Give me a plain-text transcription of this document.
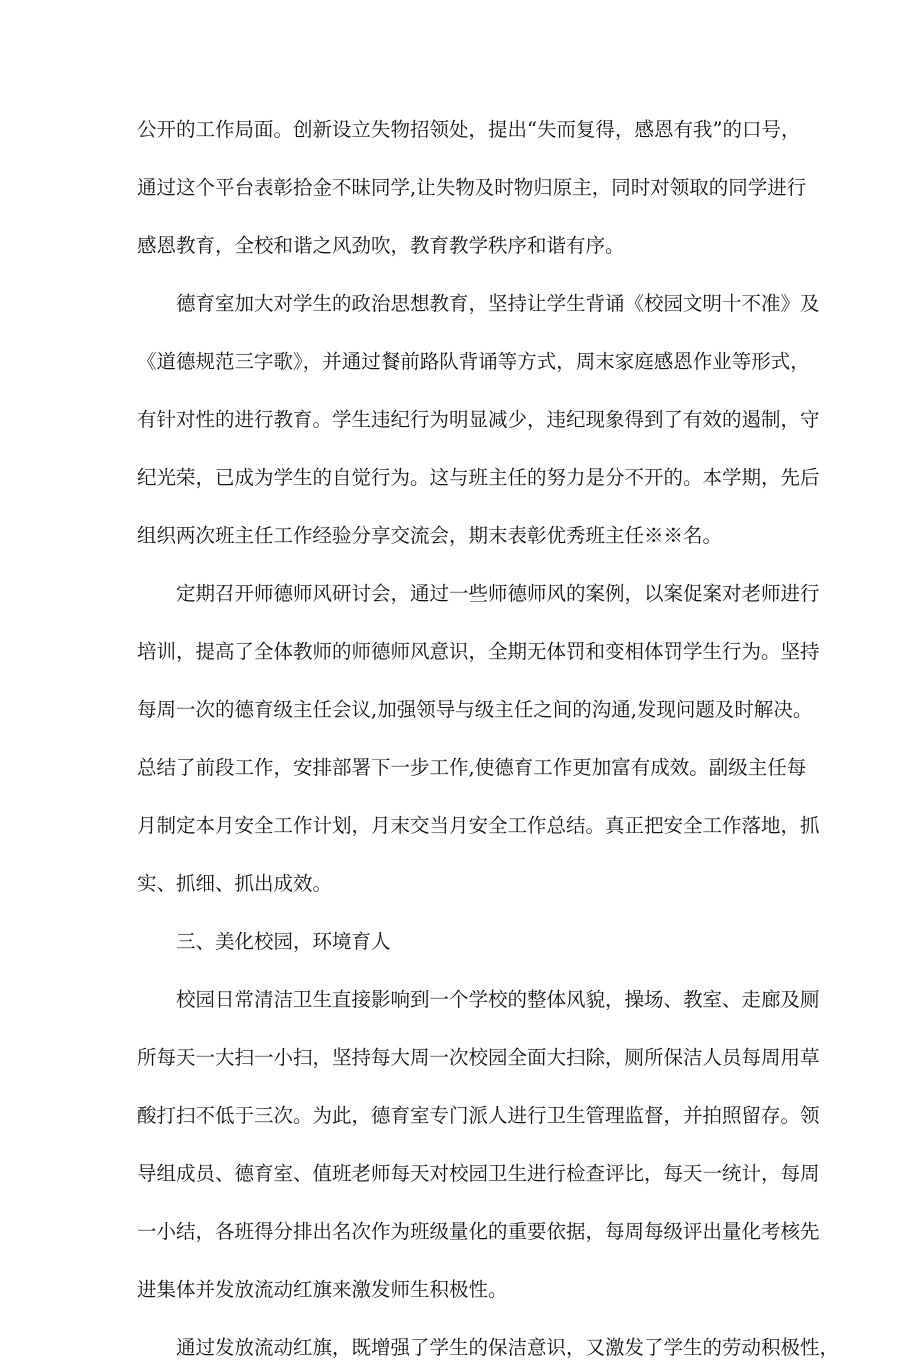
公开的工作局面。创新设立失物招领处，提出“失而复得，感恩有我”的口号，
通过这个平台表彰拾金不昧同学,让失物及时物归原主，同时对领取的同学进行
感恩教育，全校和谐之风劲吹，教育教学秩序和谐有序。
德育室加大对学生的政治思想教育，坚持让学生背诵《校园文明十不准》及
《道德规范三字歌》，并通过餐前路队背诵等方式，周末家庭感恩作业等形式，
有针对性的进行教育。学生违纪行为明显减少，违纪现象得到了有效的遏制，守
纪光荣，已成为学生的自觉行为。这与班主任的努力是分不开的。本学期，先后
组织两次班主任工作经验分享交流会，期末表彰优秀班主任※※名。
定期召开师德师风研讨会，通过一些师德师风的案例，以案促案对老师进行
培训，提高了全体教师的师德师风意识，全期无体罚和变相体罚学生行为。坚持
每周一次的德育级主任会议,加强领导与级主任之间的沟通,发现问题及时解决。
总结了前段工作，安排部署下一步工作,使德育工作更加富有成效。副级主任每
月制定本月安全工作计划，月末交当月安全工作总结。真正把安全工作落地，抓
实、抓细、抓出成效。
三、美化校园，环境育人
校园日常清洁卫生直接影响到一个学校的整体风貌，操场、教室、走廊及厕
所每天一大扫一小扫，坚持每大周一次校园全面大扫除，厕所保洁人员每周用草
酸打扫不低于三次。为此，德育室专门派人进行卫生管理监督，并拍照留存。领
导组成员、德育室、值班老师每天对校园卫生进行检查评比，每天一统计，每周
一小结，各班得分排出名次作为班级量化的重要依据，每周每级评出量化考核先
进集体并发放流动红旗来激发师生积极性。
通过发放流动红旗，既增强了学生的保洁意识，又激发了学生的劳动积极性，
